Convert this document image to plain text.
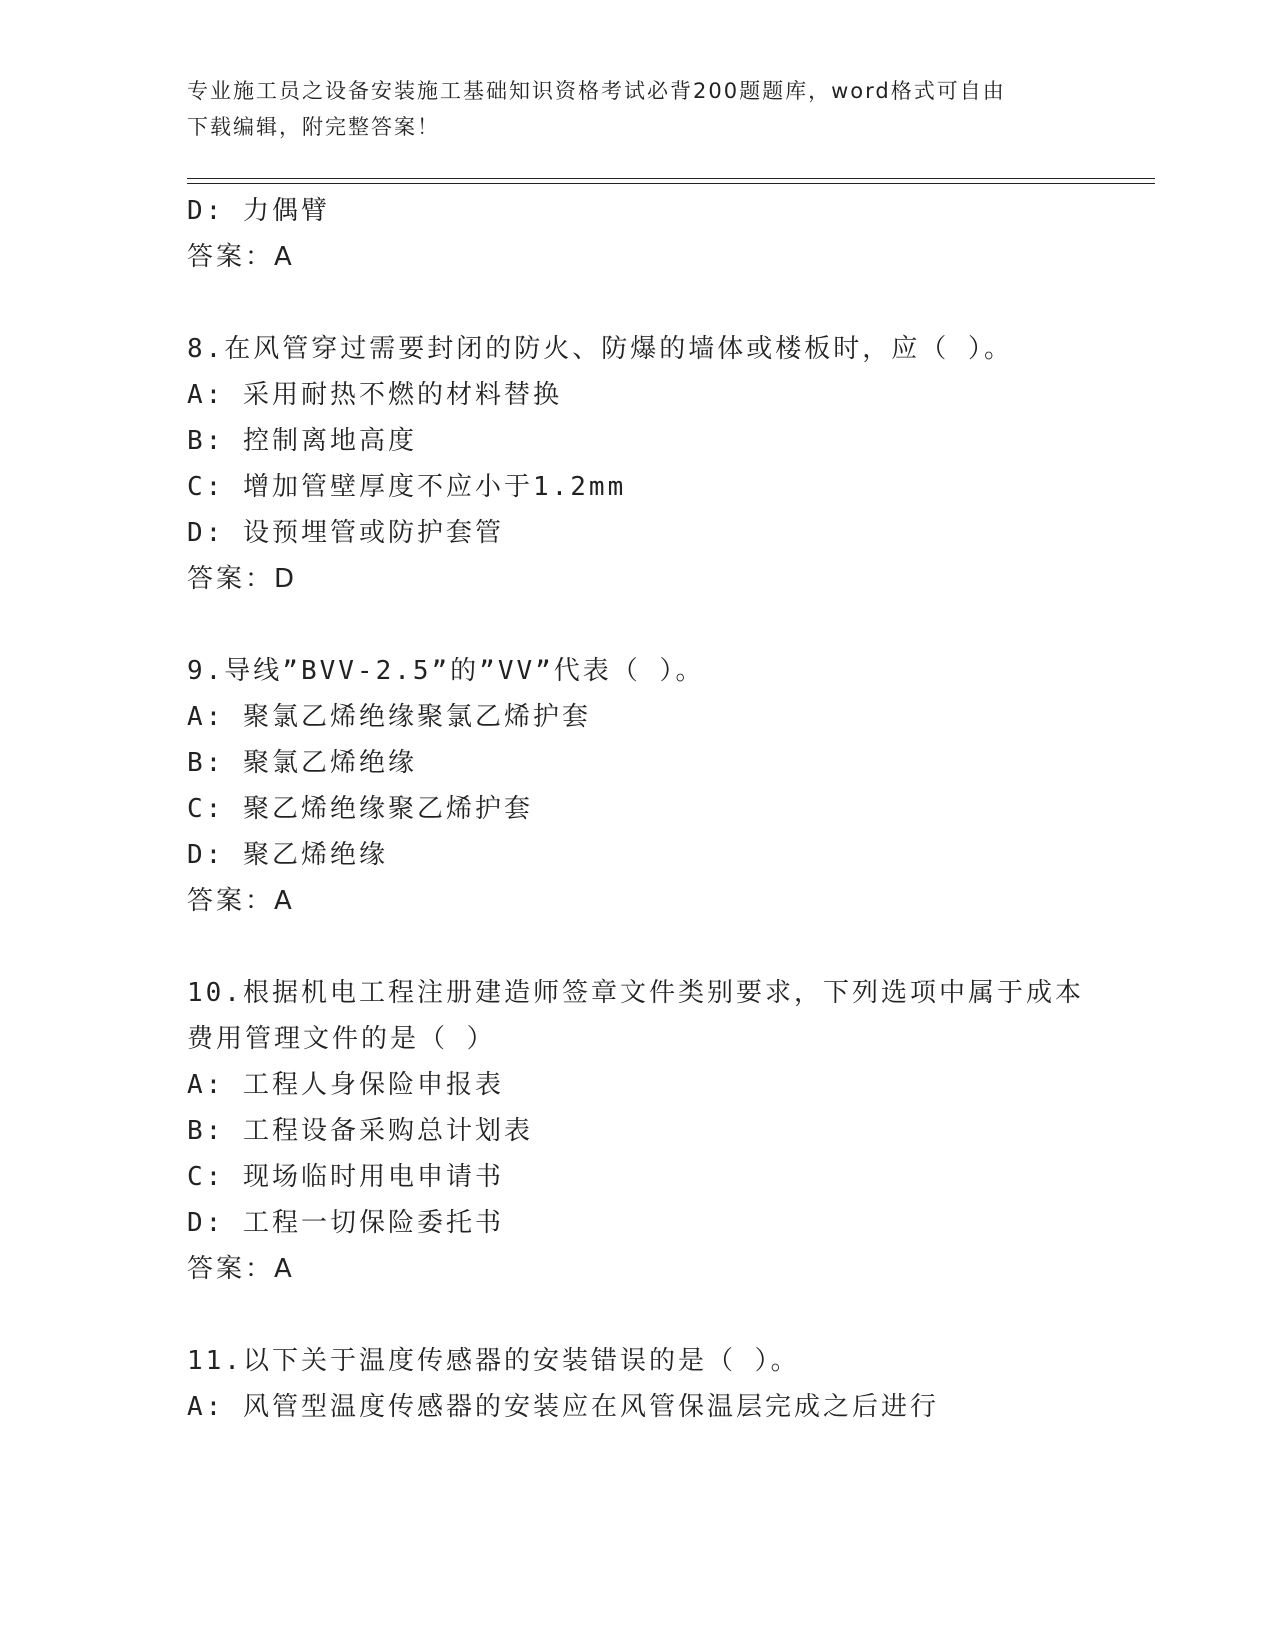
专业施工员之设备安装施工基础知识资格考试必背200题题库，word格式可自由
下载编辑，附完整答案！
D: 力偶臂
答案：A
8.在风管穿过需要封闭的防火、防爆的墙体或楼板时，应（ ）。
A: 采用耐热不燃的材料替换
B: 控制离地高度
C: 增加管壁厚度不应小于1.2mm
D: 设预埋管或防护套管
答案：D
9.导线”BVV-2.5”的”VV”代表（ ）。
A: 聚氯乙烯绝缘聚氯乙烯护套
B: 聚氯乙烯绝缘
C: 聚乙烯绝缘聚乙烯护套
D: 聚乙烯绝缘
答案：A
10.根据机电工程注册建造师签章文件类别要求，下列选项中属于成本
费用管理文件的是（ ）
A: 工程人身保险申报表
B: 工程设备采购总计划表
C: 现场临时用电申请书
D: 工程一切保险委托书
答案：A
11.以下关于温度传感器的安装错误的是（ ）。
A: 风管型温度传感器的安装应在风管保温层完成之后进行
